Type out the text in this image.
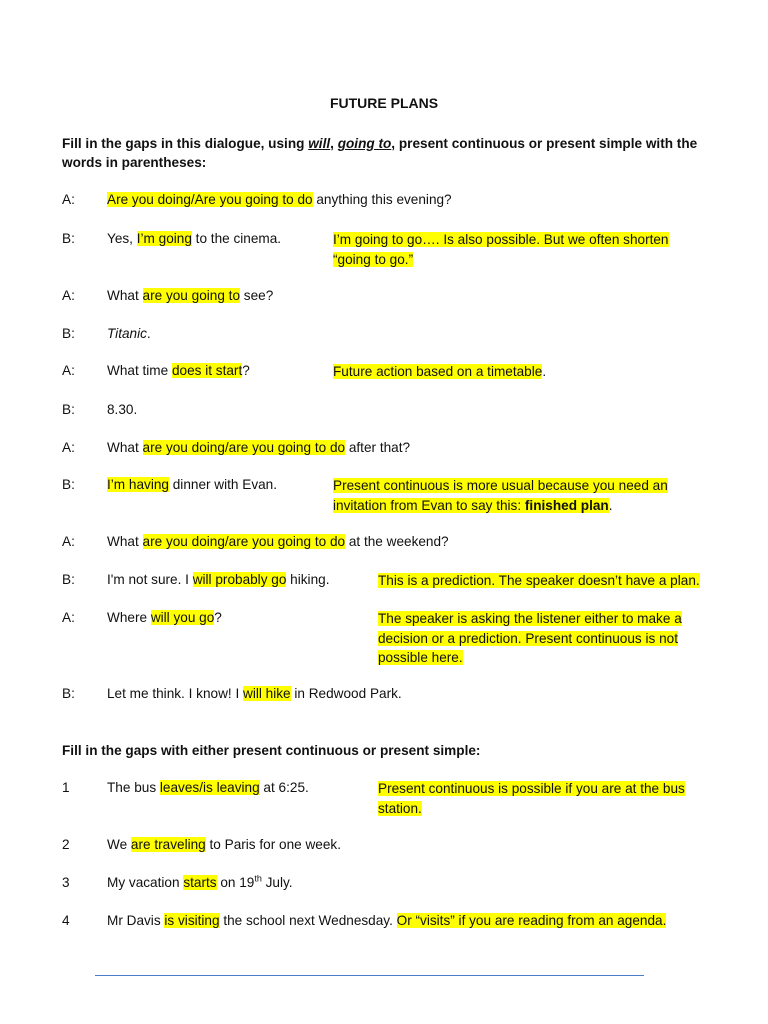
FUTURE PLANS
Fill in the gaps in this dialogue, using will, going to, present continuous or present simple with the words in parentheses:
A: Are you doing/Are you going to do anything this evening?
B: Yes, I’m going to the cinema.	I’m going to go…. Is also possible. But we often shorten
“going to go.”
A: What are you going to see?
B: Titanic.
A: What time does it start?	Future action based on a timetable.
B: 8.30.
A: What are you doing/are you going to do after that?
B: I’m having dinner with Evan.	Present continuous is more usual because you need an
invitation from Evan to say this: finished plan.
A: What are you doing/are you going to do at the weekend?
B: I'm not sure. I will probably go hiking.	This is a prediction. The speaker doesn’t have a plan.
A: Where will you go?	The speaker is asking the listener either to make a
decision or a prediction. Present continuous is not
possible here.
B: Let me think. I know! I will hike in Redwood Park.
Fill in the gaps with either present continuous or present simple:
1	The bus leaves/is leaving at 6:25.	Present continuous is possible if you are at the bus
station.
2	We are traveling to Paris for one week.
3	My vacation starts on 19th July.
4	Mr Davis is visiting the school next Wednesday. Or “visits” if you are reading from an agenda.
